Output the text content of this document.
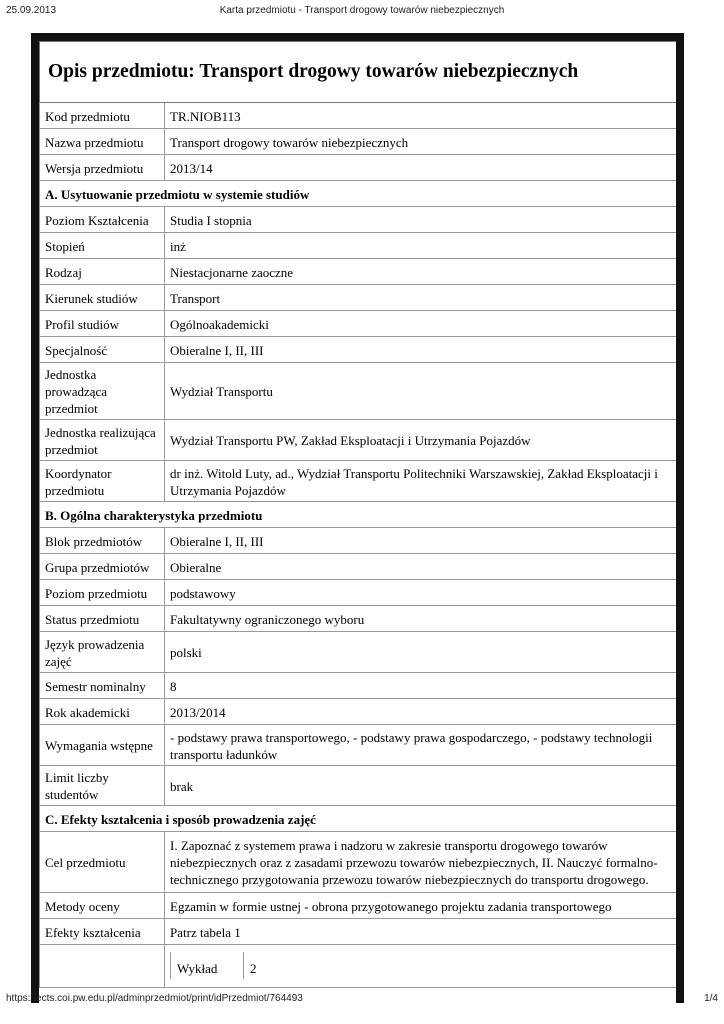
25.09.2013	Karta przedmiotu - Transport drogowy towarów niebezpiecznych
Opis przedmiotu: Transport drogowy towarów niebezpiecznych
Kod przedmiotu	TR.NIOB113
Nazwa przedmiotu	Transport drogowy towarów niebezpiecznych
Wersja przedmiotu	2013/14
A. Usytuowanie przedmiotu w systemie studiów
Poziom Kształcenia	Studia I stopnia
Stopień	inż
Rodzaj	Niestacjonarne zaoczne
Kierunek studiów	Transport
Profil studiów	Ogólnoakademicki
Specjalność	Obieralne I, II, III
Jednostka prowadząca przedmiot	Wydział Transportu
Jednostka realizująca przedmiot	Wydział Transportu PW, Zakład Eksploatacji i Utrzymania Pojazdów
Koordynator przedmiotu	dr inż. Witold Luty, ad., Wydział Transportu Politechniki Warszawskiej, Zakład Eksploatacji i Utrzymania Pojazdów
B. Ogólna charakterystyka przedmiotu
Blok przedmiotów	Obieralne I, II, III
Grupa przedmiotów	Obieralne
Poziom przedmiotu	podstawowy
Status przedmiotu	Fakultatywny ograniczonego wyboru
Język prowadzenia zajęć	polski
Semestr nominalny	8
Rok akademicki	2013/2014
Wymagania wstępne	- podstawy prawa transportowego, - podstawy prawa gospodarczego, - podstawy technologii transportu ładunków
Limit liczby studentów	brak
C. Efekty kształcenia i sposób prowadzenia zajęć
Cel przedmiotu	I. Zapoznać z systemem prawa i nadzoru w zakresie transportu drogowego towarów niebezpiecznych oraz z zasadami przewozu towarów niebezpiecznych, II. Nauczyć formalno-technicznego przygotowania przewozu towarów niebezpiecznych do transportu drogowego.
Metody oceny	Egzamin w formie ustnej - obrona przygotowanego projektu zadania transportowego
Efekty kształcenia	Patrz tabela 1

Wykład	2
https://ects.coi.pw.edu.pl/adminprzedmiot/print/idPrzedmiot/764493	1/4
